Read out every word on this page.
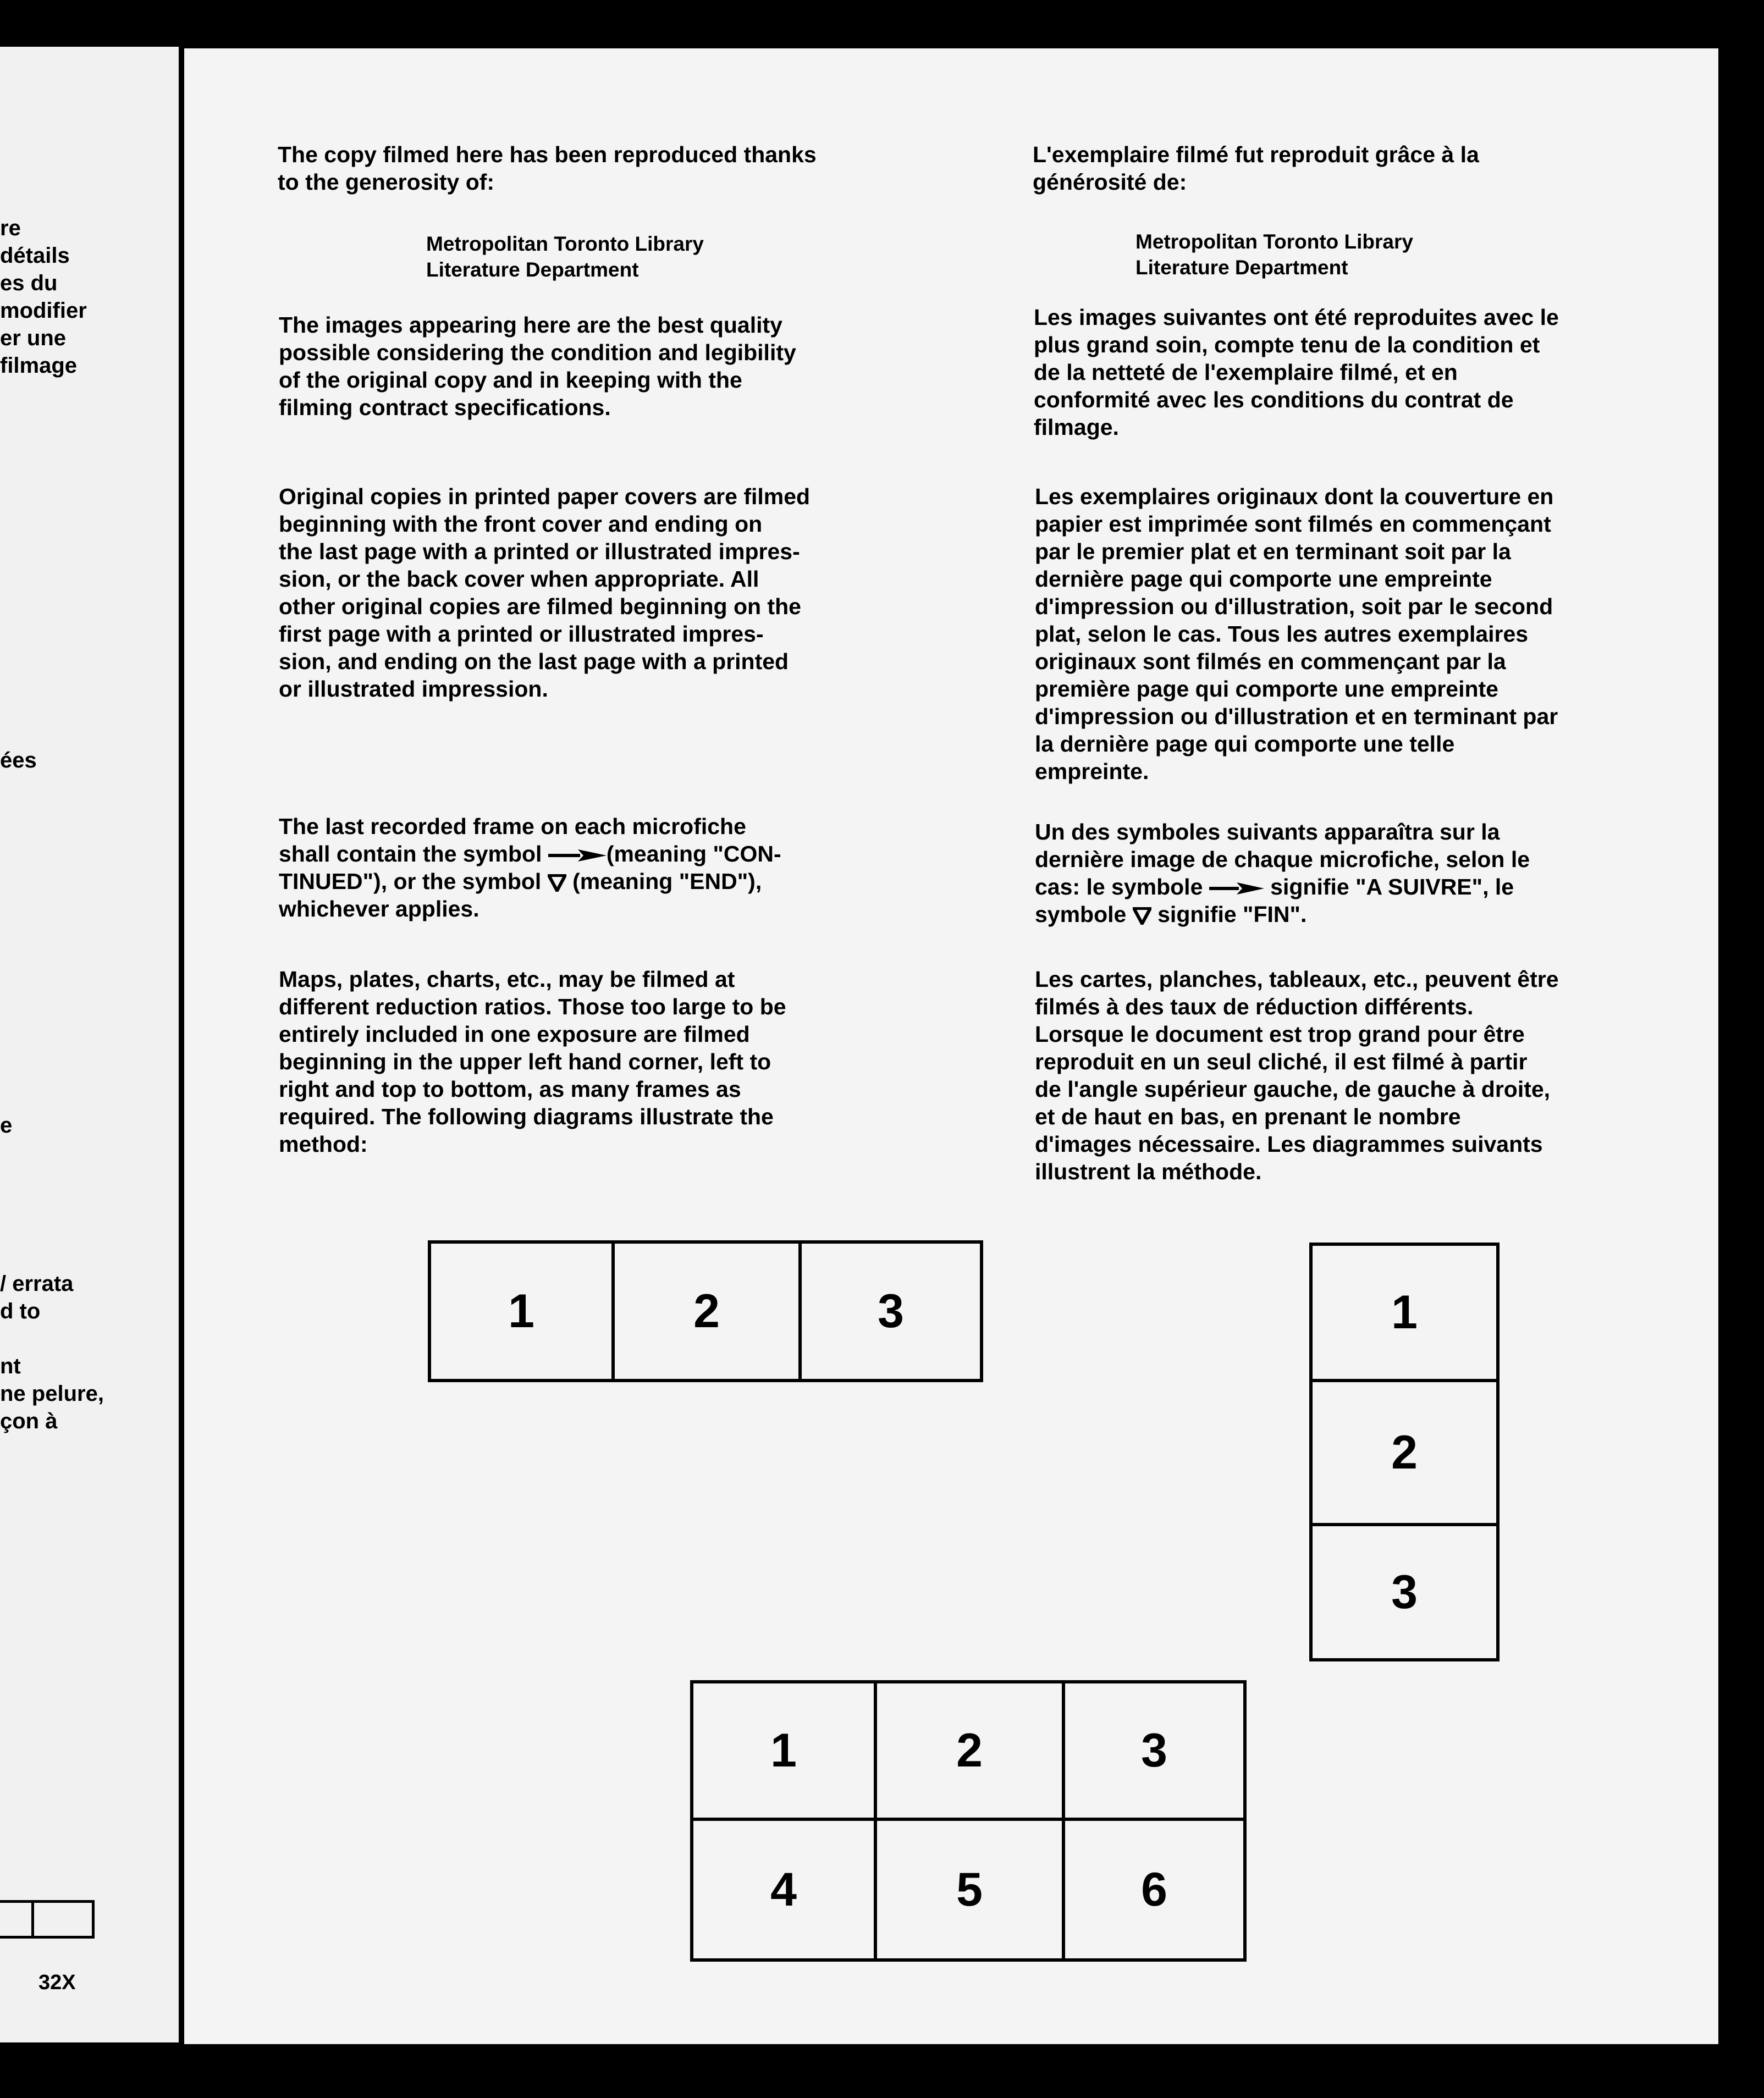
re
détails
es du
modifier
er une
filmage
ées
e
/ errata
d to
nt
ne pelure,
çon à
32X
The copy filmed here has been reproduced thanks
to the generosity of:
Metropolitan Toronto Library
Literature Department
The images appearing here are the best quality
possible considering the condition and legibility
of the original copy and in keeping with the
filming contract specifications.
Original copies in printed paper covers are filmed
beginning with the front cover and ending on
the last page with a printed or illustrated impres-
sion, or the back cover when appropriate. All
other original copies are filmed beginning on the
first page with a printed or illustrated impres-
sion, and ending on the last page with a printed
or illustrated impression.
The last recorded frame on each microfiche
shall contain the symbol	(meaning "CON-
TINUED"), or the symbol  (meaning "END"),
whichever applies.
Maps, plates, charts, etc., may be filmed at
different reduction ratios. Those too large to be
entirely included in one exposure are filmed
beginning in the upper left hand corner, left to
right and top to bottom, as many frames as
required. The following diagrams illustrate the
method:
L'exemplaire filmé fut reproduit grâce à la
générosité de:
Metropolitan Toronto Library
Literature Department
Les images suivantes ont été reproduites avec le
plus grand soin, compte tenu de la condition et
de la netteté de l'exemplaire filmé, et en
conformité avec les conditions du contrat de
filmage.
Les exemplaires originaux dont la couverture en
papier est imprimée sont filmés en commençant
par le premier plat et en terminant soit par la
dernière page qui comporte une empreinte
d'impression ou d'illustration, soit par le second
plat, selon le cas. Tous les autres exemplaires
originaux sont filmés en commençant par la
première page qui comporte une empreinte
d'impression ou d'illustration et en terminant par
la dernière page qui comporte une telle
empreinte.
Un des symboles suivants apparaîtra sur la
dernière image de chaque microfiche, selon le
cas: le symbole  signifie "A SUIVRE", le
symbole  signifie "FIN".
Les cartes, planches, tableaux, etc., peuvent être
filmés à des taux de réduction différents.
Lorsque le document est trop grand pour être
reproduit en un seul cliché, il est filmé à partir
de l'angle supérieur gauche, de gauche à droite,
et de haut en bas, en prenant le nombre
d'images nécessaire. Les diagrammes suivants
illustrent la méthode.
1	2	3	1
2
3
1	2	3
4	5	6
